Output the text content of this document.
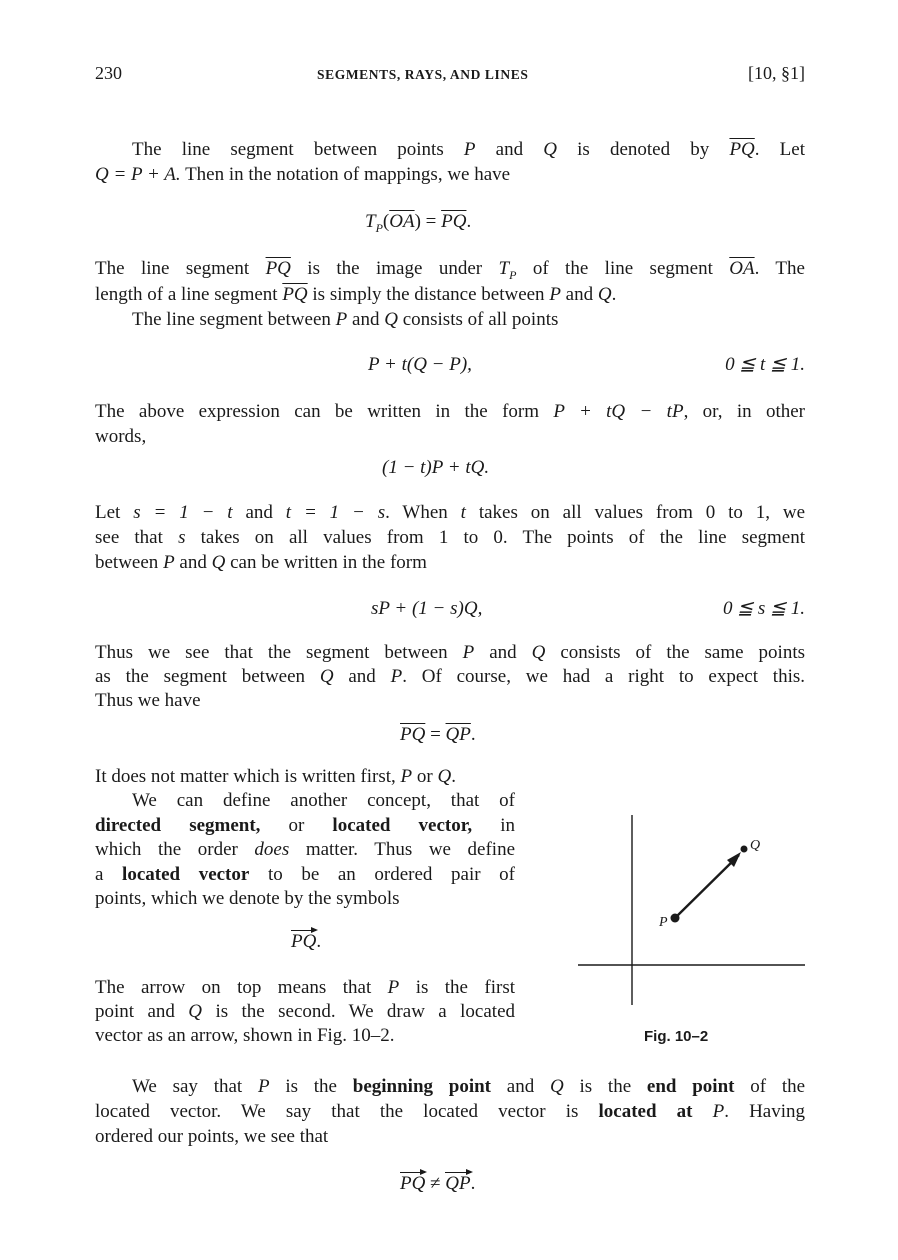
230	SEGMENTS, RAYS, AND LINES	[10, §1]
The line segment between points P and Q is denoted by $\overline{PQ}$. Let
Q = P + A. Then in the notation of mappings, we have
$T_P(\overline{OA}) = \overline{PQ}$.
The line segment $\overline{PQ}$ is the image under $T_P$ of the line segment $\overline{OA}$. The
length of a line segment $\overline{PQ}$ is simply the distance between P and Q.
The line segment between P and Q consists of all points
P + t(Q − P),	0 ≦ t ≦ 1.
The above expression can be written in the form P + tQ − tP, or, in other
words,
(1 − t)P + tQ.
Let s = 1 − t and t = 1 − s. When t takes on all values from 0 to 1, we
see that s takes on all values from 1 to 0. The points of the line segment
between P and Q can be written in the form
sP + (1 − s)Q,	0 ≦ s ≦ 1.
Thus we see that the segment between P and Q consists of the same points
as the segment between Q and P. Of course, we had a right to expect this.
Thus we have
$\overline{PQ} = \overline{QP}$.
It does not matter which is written first, P or Q.
We can define another concept, that of
directed segment, or located vector, in
which the order does matter. Thus we define
a located vector to be an ordered pair of
points, which we denote by the symbols
PQ.
The arrow on top means that P is the first
point and Q is the second. We draw a located
vector as an arrow, shown in Fig. 10–2.
P
Q
Fig. 10–2
We say that P is the beginning point and Q is the end point of the
located vector. We say that the located vector is located at P. Having
ordered our points, we see that
PQ ≠ QP.
